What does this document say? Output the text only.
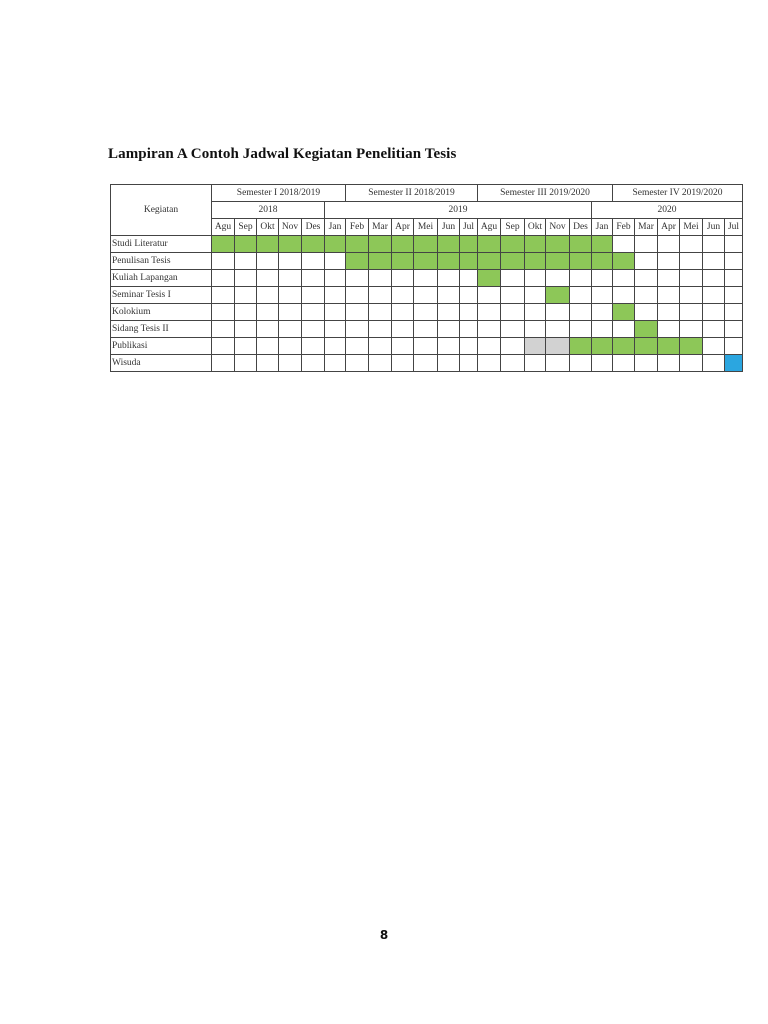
Lampiran A Contoh Jadwal Kegiatan Penelitian Tesis
Kegiatan	Semester I 2018/2019						Semester II 2018/2019						Semester III 2019/2020						Semester IV 2019/2020					
	2018					2019												2020						
	Agu	Sep	Okt	Nov	Des	Jan	Feb	Mar	Apr	Mei	Jun	Jul	Agu	Sep	Okt	Nov	Des	Jan	Feb	Mar	Apr	Mei	Jun	Jul
Studi Literatur																								
Penulisan Tesis																								
Kuliah Lapangan																								
Seminar Tesis I																								
Kolokium																								
Sidang Tesis II																								
Publikasi																								
Wisuda																								
8
